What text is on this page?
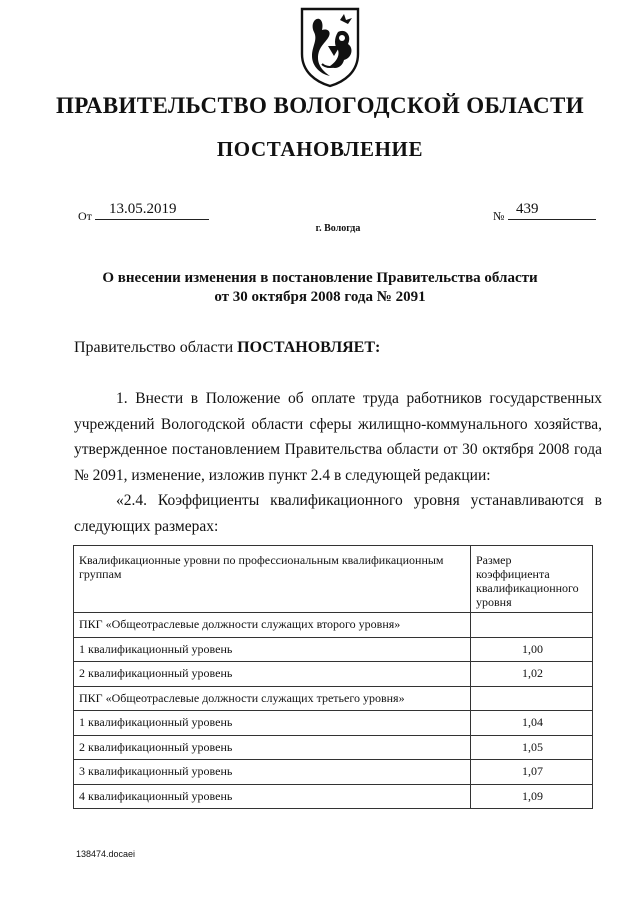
ПРАВИТЕЛЬСТВО ВОЛОГОДСКОЙ ОБЛАСТИ
ПОСТАНОВЛЕНИЕ
От	13.05.2019	№ 439
г. Вологда
О внесении изменения в постановление Правительства области
от 30 октября 2008 года № 2091
Правительство области ПОСТАНОВЛЯЕТ:

1. Внести в Положение об оплате труда работников государственных учреждений Вологодской области сферы жилищно-коммунального хозяйства, утвержденное постановлением Правительства области от 30 октября 2008 года № 2091, изменение, изложив пункт 2.4 в следующей редакции:

«2.4. Коэффициенты квалификационного уровня устанавливаются в следующих размерах:

Квалификационные уровни по профессиональным квалификационным группам	Размер коэффициента квалификационного уровня
ПКГ «Общеотраслевые должности служащих второго уровня»	
1 квалификационный уровень	1,00
2 квалификационный уровень	1,02
ПКГ «Общеотраслевые должности служащих третьего уровня»	
1 квалификационный уровень	1,04
2 квалификационный уровень	1,05
3 квалификационный уровень	1,07
4 квалификационный уровень	1,09
138474.docaei
